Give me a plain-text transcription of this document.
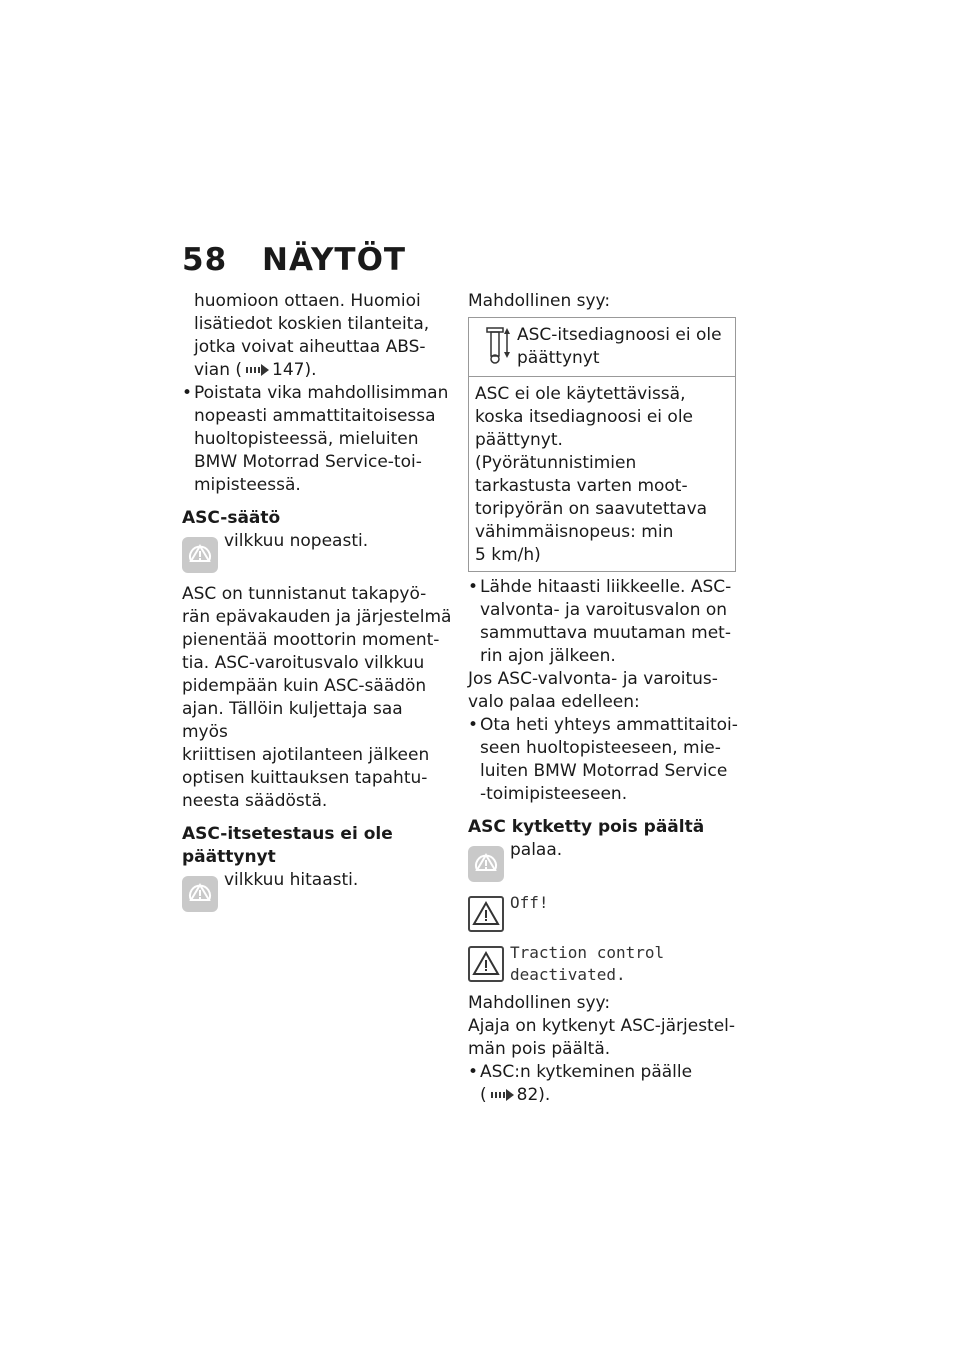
58 NÄYTÖT
huomioon ottaen. Huomioi
lisätiedot koskien tilanteita,
jotka voivat aiheuttaa ABS-
vian ( 147).
• Poistata vika mahdollisimman
nopeasti ammattitaitoisessa
huoltopisteessä, mieluiten
BMW Motorrad Service-toi-
mipisteessä.
ASC-säätö
vilkkuu nopeasti.
ASC on tunnistanut takapyö-
rän epävakauden ja järjestelmä
pienentää moottorin moment-
tia. ASC-varoitusvalo vilkkuu
pidempään kuin ASC-säädön
ajan. Tällöin kuljettaja saa myös
kriittisen ajotilanteen jälkeen
optisen kuittauksen tapahtu-
neesta säädöstä.
ASC-itsetestaus ei ole
päättynyt
vilkkuu hitaasti.
Mahdollinen syy:
ASC-itsediagnoosi ei ole
päättynyt
ASC ei ole käytettävissä,
koska itsediagnoosi ei ole
päättynyt. (Pyörätunnistimien
tarkastusta varten moot-
toripyörän on saavutettava
vähimmäisnopeus: min
5 km/h)
• Lähde hitaasti liikkeelle. ASC-
valvonta- ja varoitusvalon on
sammuttava muutaman met-
rin ajon jälkeen.
Jos ASC-valvonta- ja varoitus-
valo palaa edelleen:
• Ota heti yhteys ammattitaitoi-
seen huoltopisteeseen, mie-
luiten BMW Motorrad Service
-toimipisteeseen.
ASC kytketty pois päältä
palaa.
Off!
Traction control
deactivated.
Mahdollinen syy:
Ajaja on kytkenyt ASC-järjestel-
män pois päältä.
• ASC:n kytkeminen päälle
( 82).
